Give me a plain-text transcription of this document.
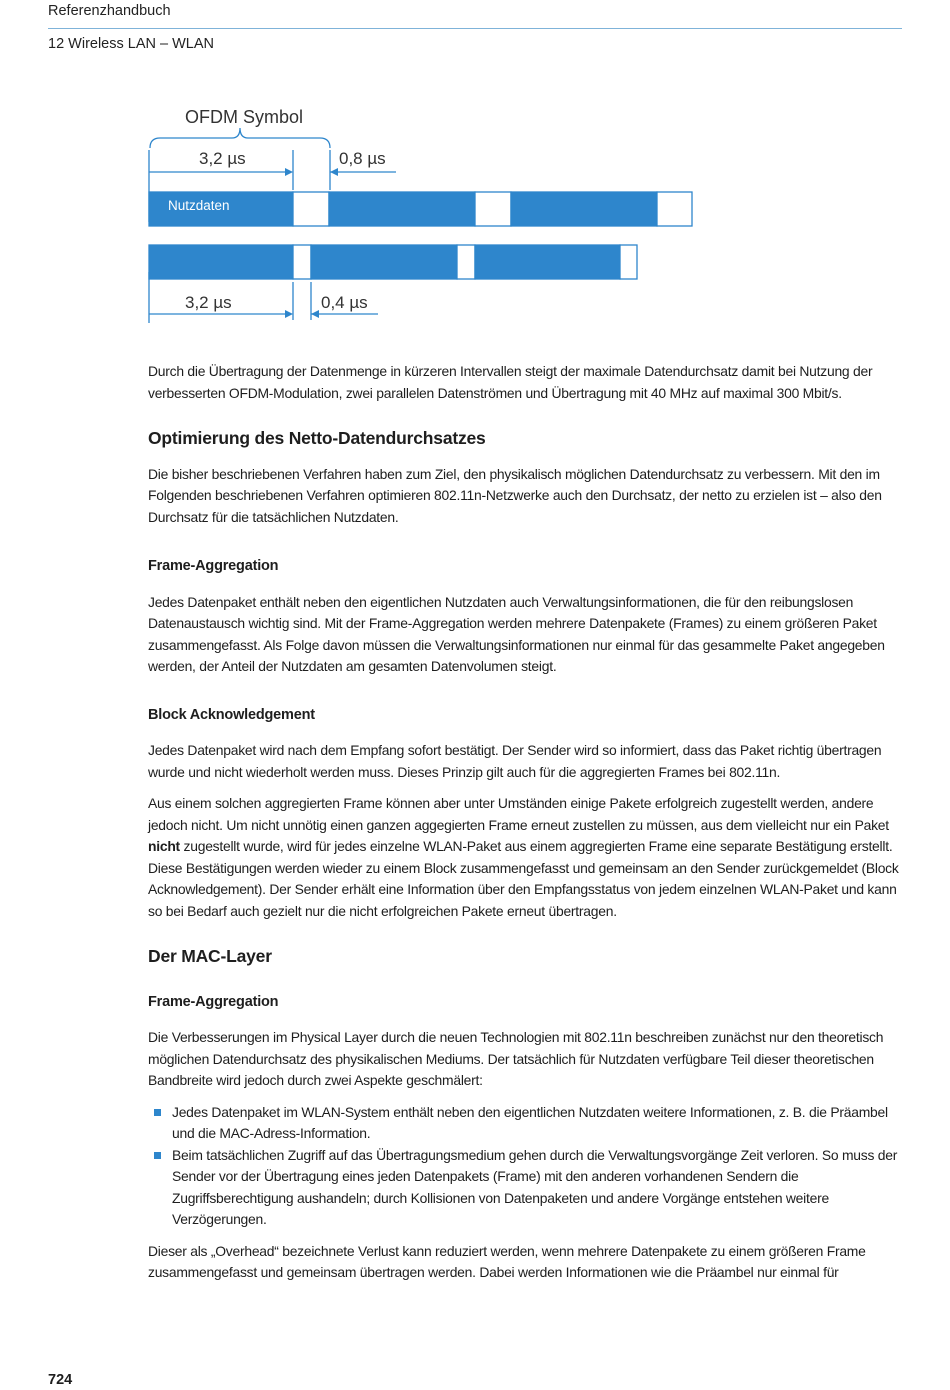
Referenzhandbuch
12 Wireless LAN – WLAN
OFDM Symbol
3,2 µs	0,8 µs
Nutzdaten
3,2 µs	0,4 µs

Durch die Übertragung der Datenmenge in kürzeren Intervallen steigt der maximale Datendurchsatz damit bei Nutzung der verbesserten OFDM-Modulation, zwei parallelen Datenströmen und Übertragung mit 40 MHz auf maximal 300 Mbit/s.

Optimierung des Netto-Datendurchsatzes

Die bisher beschriebenen Verfahren haben zum Ziel, den physikalisch möglichen Datendurchsatz zu verbessern. Mit den im Folgenden beschriebenen Verfahren optimieren 802.11n-Netzwerke auch den Durchsatz, der netto zu erzielen ist – also den Durchsatz für die tatsächlichen Nutzdaten.

Frame-Aggregation

Jedes Datenpaket enthält neben den eigentlichen Nutzdaten auch Verwaltungsinformationen, die für den reibungslosen Datenaustausch wichtig sind. Mit der Frame-Aggregation werden mehrere Datenpakete (Frames) zu einem größeren Paket zusammengefasst. Als Folge davon müssen die Verwaltungsinformationen nur einmal für das gesammelte Paket angegeben werden, der Anteil der Nutzdaten am gesamten Datenvolumen steigt.

Block Acknowledgement

Jedes Datenpaket wird nach dem Empfang sofort bestätigt. Der Sender wird so informiert, dass das Paket richtig übertragen wurde und nicht wiederholt werden muss. Dieses Prinzip gilt auch für die aggregierten Frames bei 802.11n.

Aus einem solchen aggregierten Frame können aber unter Umständen einige Pakete erfolgreich zugestellt werden, andere jedoch nicht. Um nicht unnötig einen ganzen aggegierten Frame erneut zustellen zu müssen, aus dem vielleicht nur ein Paket nicht zugestellt wurde, wird für jedes einzelne WLAN-Paket aus einem aggregierten Frame eine separate Bestätigung erstellt. Diese Bestätigungen werden wieder zu einem Block zusammengefasst und gemeinsam an den Sender zurückgemeldet (Block Acknowledgement). Der Sender erhält eine Information über den Empfangsstatus von jedem einzelnen WLAN-Paket und kann so bei Bedarf auch gezielt nur die nicht erfolgreichen Pakete erneut übertragen.

Der MAC-Layer
Frame-Aggregation

Die Verbesserungen im Physical Layer durch die neuen Technologien mit 802.11n beschreiben zunächst nur den theoretisch möglichen Datendurchsatz des physikalischen Mediums. Der tatsächlich für Nutzdaten verfügbare Teil dieser theoretischen Bandbreite wird jedoch durch zwei Aspekte geschmälert:

Jedes Datenpaket im WLAN-System enthält neben den eigentlichen Nutzdaten weitere Informationen, z. B. die Präambel und die MAC-Adress-Information.
Beim tatsächlichen Zugriff auf das Übertragungsmedium gehen durch die Verwaltungsvorgänge Zeit verloren. So muss der Sender vor der Übertragung eines jeden Datenpakets (Frame) mit den anderen vorhandenen Sendern die Zugriffsberechtigung aushandeln; durch Kollisionen von Datenpaketen und andere Vorgänge entstehen weitere Verzögerungen.

Dieser als „Overhead“ bezeichnete Verlust kann reduziert werden, wenn mehrere Datenpakete zu einem größeren Frame zusammengefasst und gemeinsam übertragen werden. Dabei werden Informationen wie die Präambel nur einmal für

724
